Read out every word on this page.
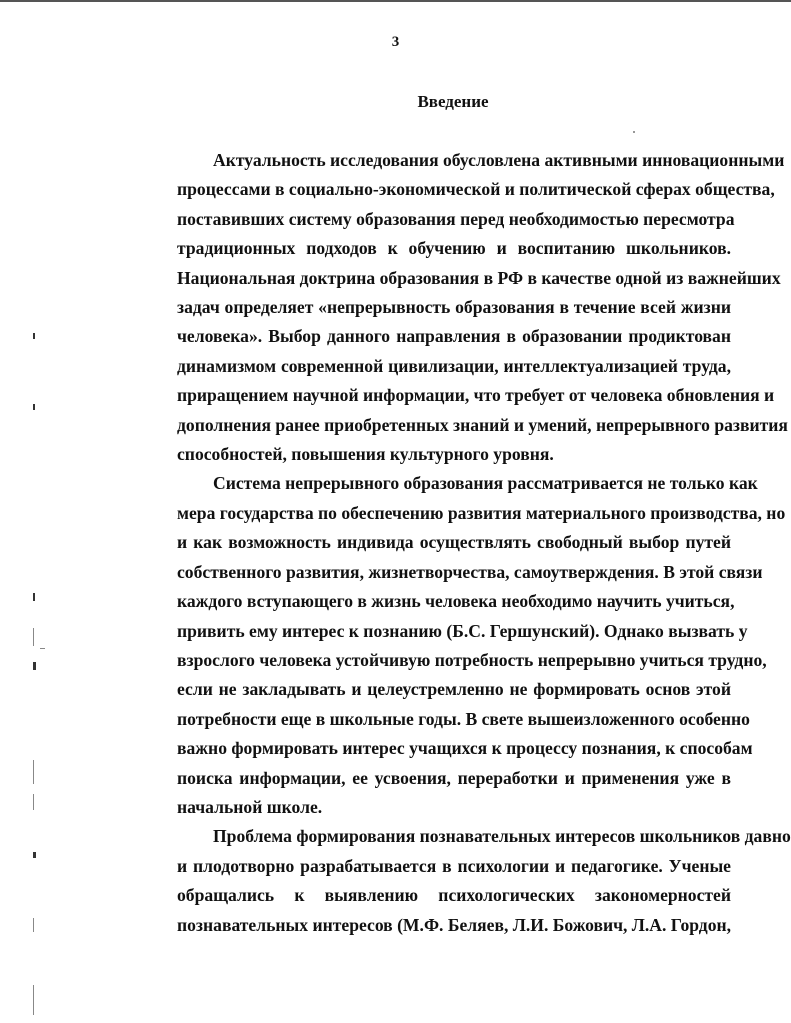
3
Введение

Актуальность исследования обусловлена активными инновационными
процессами в социально-экономической и политической сферах общества,
поставивших систему образования перед необходимостью пересмотра
традиционных подходов к обучению и воспитанию школьников.
Национальная доктрина образования в РФ в качестве одной из важнейших
задач определяет «непрерывность образования в течение всей жизни
человека». Выбор данного направления в образовании продиктован
динамизмом современной цивилизации, интеллектуализацией труда,
приращением научной информации, что требует от человека обновления и
дополнения ранее приобретенных знаний и умений, непрерывного развития
способностей, повышения культурного уровня.

Система непрерывного образования рассматривается не только как
мера государства по обеспечению развития материального производства, но
и как возможность индивида осуществлять свободный выбор путей
собственного развития, жизнетворчества, самоутверждения. В этой связи
каждого вступающего в жизнь человека необходимо научить учиться,
привить ему интерес к познанию (Б.С. Гершунский). Однако вызвать у
взрослого человека устойчивую потребность непрерывно учиться трудно,
если не закладывать и целеустремленно не формировать основ этой
потребности еще в школьные годы. В свете вышеизложенного особенно
важно формировать интерес учащихся к процессу познания, к способам
поиска информации, ее усвоения, переработки и применения уже в
начальной школе.

Проблема формирования познавательных интересов школьников давно
и плодотворно разрабатывается в психологии и педагогике. Ученые
обращались к выявлению психологических закономерностей
познавательных интересов (М.Ф. Беляев, Л.И. Божович, Л.А. Гордон,
